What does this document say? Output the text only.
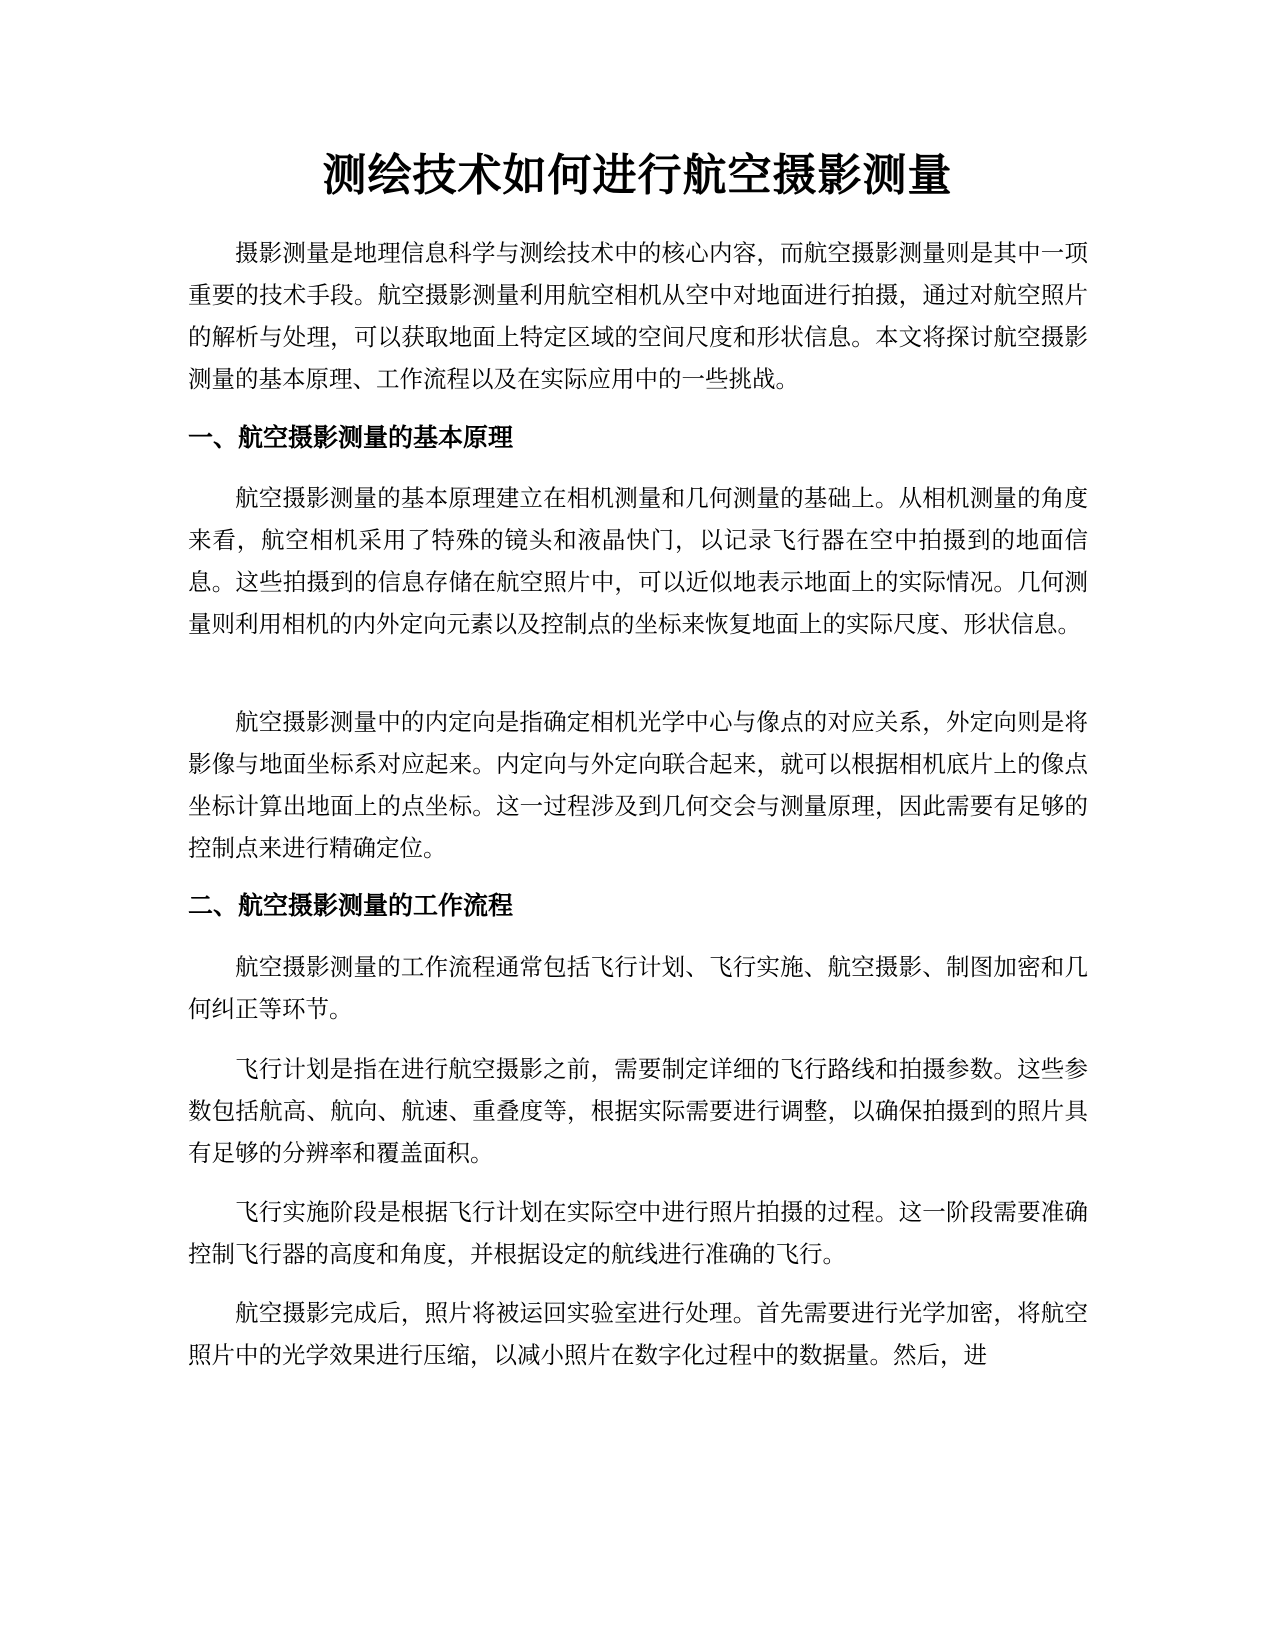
测绘技术如何进行航空摄影测量

摄影测量是地理信息科学与测绘技术中的核心内容，而航空摄影测量则是其中一项重要的技术手段。航空摄影测量利用航空相机从空中对地面进行拍摄，通过对航空照片的解析与处理，可以获取地面上特定区域的空间尺度和形状信息。本文将探讨航空摄影测量的基本原理、工作流程以及在实际应用中的一些挑战。

一、航空摄影测量的基本原理

航空摄影测量的基本原理建立在相机测量和几何测量的基础上。从相机测量的角度来看，航空相机采用了特殊的镜头和液晶快门，以记录飞行器在空中拍摄到的地面信息。这些拍摄到的信息存储在航空照片中，可以近似地表示地面上的实际情况。几何测量则利用相机的内外定向元素以及控制点的坐标来恢复地面上的实际尺度、形状信息。

航空摄影测量中的内定向是指确定相机光学中心与像点的对应关系，外定向则是将影像与地面坐标系对应起来。内定向与外定向联合起来，就可以根据相机底片上的像点坐标计算出地面上的点坐标。这一过程涉及到几何交会与测量原理，因此需要有足够的控制点来进行精确定位。

二、航空摄影测量的工作流程

航空摄影测量的工作流程通常包括飞行计划、飞行实施、航空摄影、制图加密和几何纠正等环节。

飞行计划是指在进行航空摄影之前，需要制定详细的飞行路线和拍摄参数。这些参数包括航高、航向、航速、重叠度等，根据实际需要进行调整，以确保拍摄到的照片具有足够的分辨率和覆盖面积。

飞行实施阶段是根据飞行计划在实际空中进行照片拍摄的过程。这一阶段需要准确控制飞行器的高度和角度，并根据设定的航线进行准确的飞行。

航空摄影完成后，照片将被运回实验室进行处理。首先需要进行光学加密，将航空照片中的光学效果进行压缩，以减小照片在数字化过程中的数据量。然后，进
